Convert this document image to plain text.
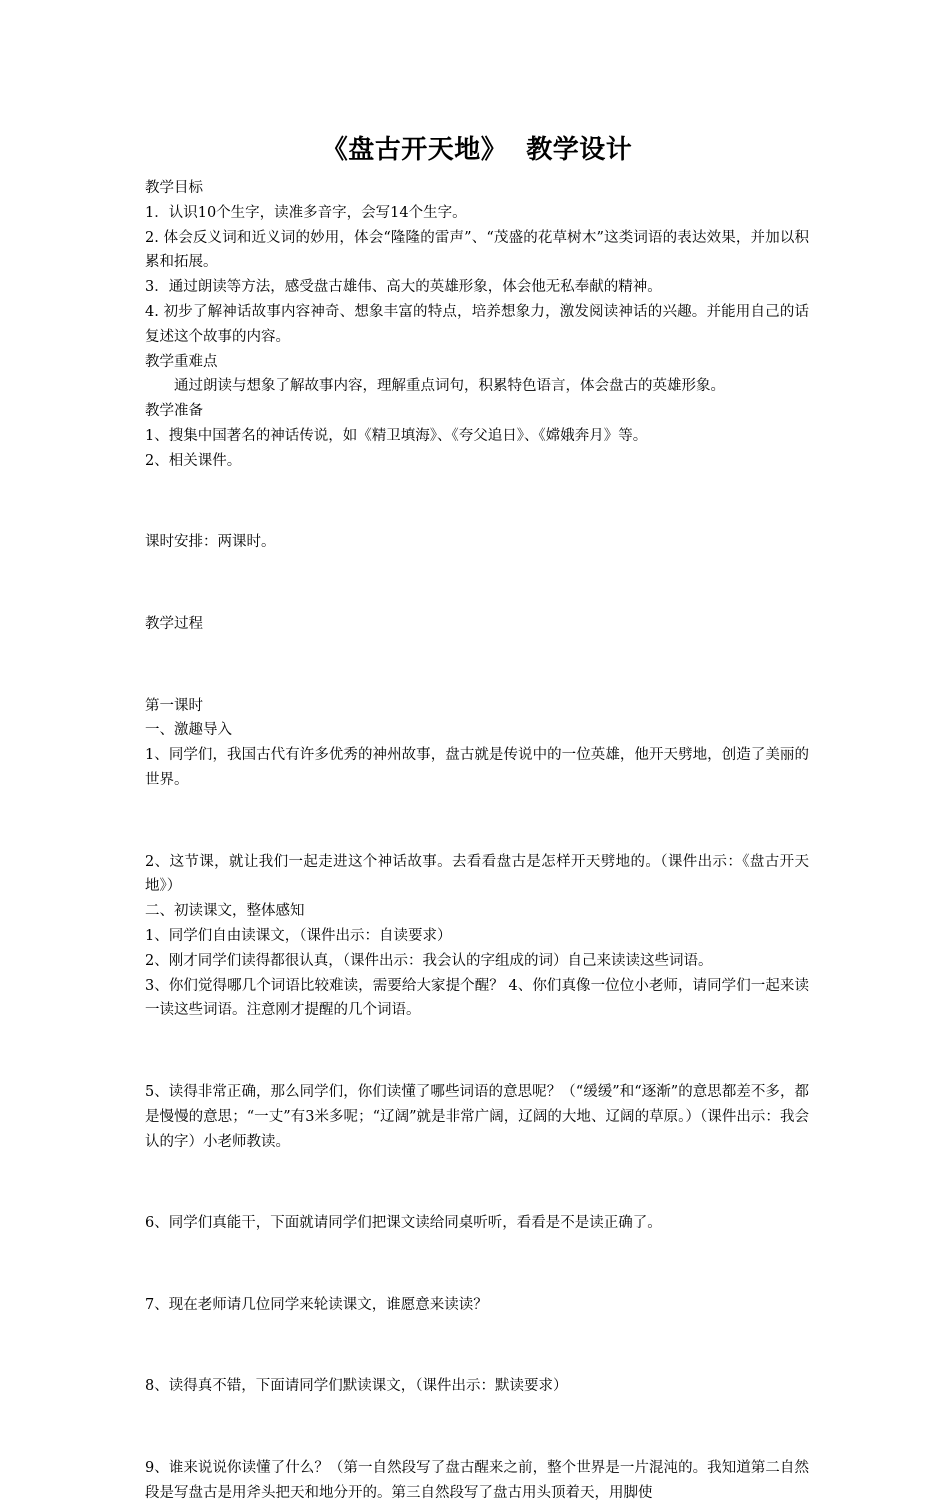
《盘古开天地》  教学设计

教学目标

1．认识10个生字，读准多音字，会写14个生字。

2. 体会反义词和近义词的妙用，体会“隆隆的雷声”、“茂盛的花草树木”这类词语的表达效果，并加以积累和拓展。

3．通过朗读等方法，感受盘古雄伟、高大的英雄形象，体会他无私奉献的精神。

4. 初步了解神话故事内容神奇、想象丰富的特点，培养想象力，激发阅读神话的兴趣。并能用自己的话复述这个故事的内容。

教学重难点

通过朗读与想象了解故事内容，理解重点词句，积累特色语言，体会盘古的英雄形象。

教学准备

1、搜集中国著名的神话传说，如《精卫填海》、《夸父追日》、《嫦娥奔月》等。

2、相关课件。

课时安排：两课时。

教学过程

第一课时

一、激趣导入

1、同学们，我国古代有许多优秀的神州故事，盘古就是传说中的一位英雄，他开天劈地，创造了美丽的世界。

2、这节课，就让我们一起走进这个神话故事。去看看盘古是怎样开天劈地的。（课件出示：《盘古开天地》）

二、初读课文，整体感知

1、同学们自由读课文，（课件出示：自读要求）

2、刚才同学们读得都很认真，（课件出示：我会认的字组成的词）自己来读读这些词语。

3、你们觉得哪几个词语比较难读，需要给大家提个醒？ 4、你们真像一位位小老师，请同学们一起来读一读这些词语。注意刚才提醒的几个词语。

5、读得非常正确，那么同学们，你们读懂了哪些词语的意思呢？（“缓缓”和“逐渐”的意思都差不多，都是慢慢的意思；“一丈”有3米多呢；“辽阔”就是非常广阔，辽阔的大地、辽阔的草原。）（课件出示：我会认的字）小老师教读。

6、同学们真能干，下面就请同学们把课文读给同桌听听，看看是不是读正确了。

7、现在老师请几位同学来轮读课文，谁愿意来读读？

8、读得真不错，下面请同学们默读课文，（课件出示：默读要求）

9、谁来说说你读懂了什么？（第一自然段写了盘古醒来之前，整个世界是一片混沌的。我知道第二自然段是写盘古是用斧头把天和地分开的。第三自然段写了盘古用头顶着天，用脚使
